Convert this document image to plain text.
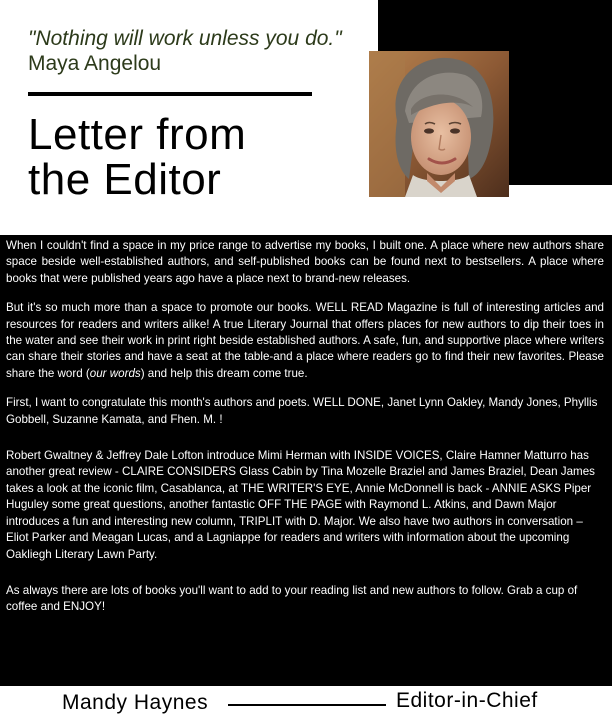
"Nothing will work unless you do." Maya Angelou
Letter from
the Editor

When I couldn't find a space in my price range to advertise my books, I built one. A place where new authors share space beside well-established authors, and self-published books can be found next to bestsellers. A place where books that were published years ago have a place next to brand-new releases.

But it's so much more than a space to promote our books. WELL READ Magazine is full of interesting articles and resources for readers and writers alike! A true Literary Journal that offers places for new authors to dip their toes in the water and see their work in print right beside established authors. A safe, fun, and supportive place where writers can share their stories and have a seat at the table-and a place where readers go to find their new favorites. Please share the word (our words) and help this dream come true.

First, I want to congratulate this month's authors and poets. WELL DONE, Janet Lynn Oakley, Mandy Jones, Phyllis Gobbell, Suzanne Kamata, and Fhen. M. !

Robert Gwaltney & Jeffrey Dale Lofton introduce Mimi Herman with INSIDE VOICES, Claire Hamner Matturro has another great review - CLAIRE CONSIDERS Glass Cabin by Tina Mozelle Braziel and James Braziel, Dean James takes a look at the iconic film, Casablanca, at THE WRITER'S EYE, Annie McDonnell is back - ANNIE ASKS Piper Huguley some great questions, another fantastic OFF THE PAGE with Raymond L. Atkins, and Dawn Major introduces a fun and interesting new column, TRIPLIT with D. Major. We also have two authors in conversation – Eliot Parker and Meagan Lucas, and a Lagniappe for readers and writers with information about the upcoming Oakliegh Literary Lawn Party.

As always there are lots of books you'll want to add to your reading list and new authors to follow. Grab a cup of coffee and ENJOY!

Mandy Haynes	Editor-in-Chief
